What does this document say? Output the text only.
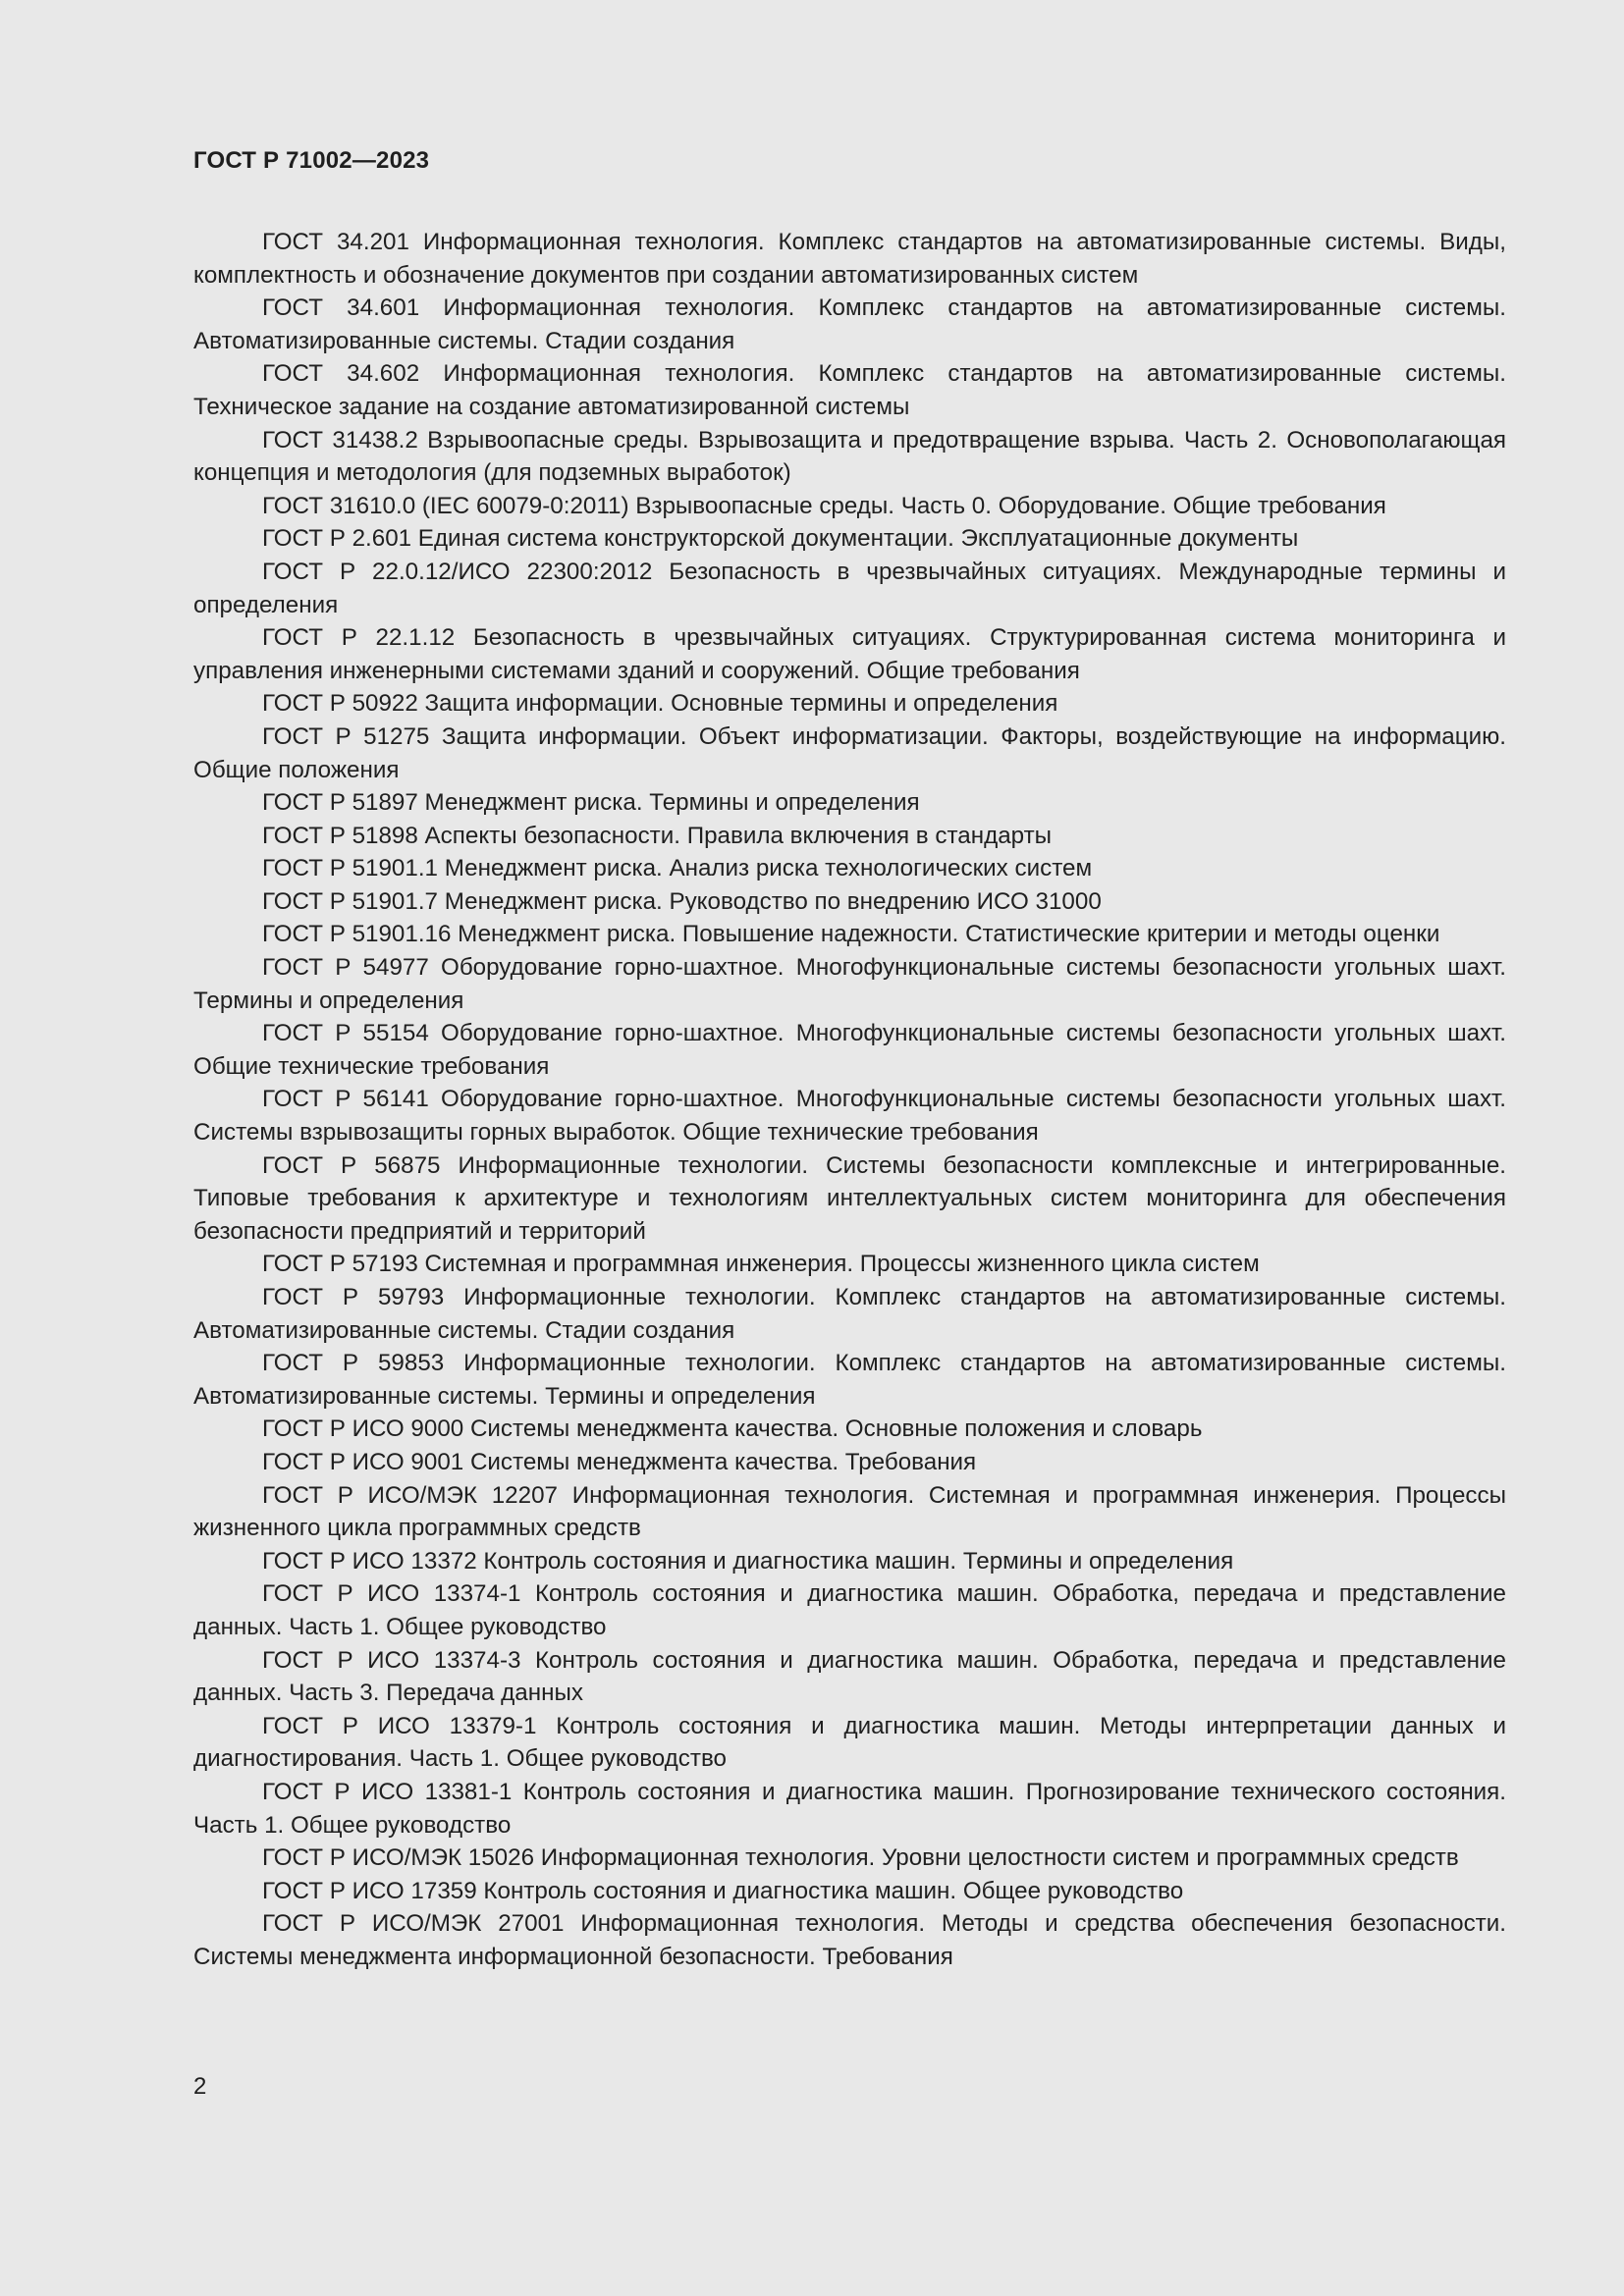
ГОСТ Р 71002—2023

ГОСТ 34.201 Информационная технология. Комплекс стандартов на автоматизированные системы. Виды, комплектность и обозначение документов при создании автоматизированных систем

ГОСТ 34.601 Информационная технология. Комплекс стандартов на автоматизированные системы. Автоматизированные системы. Стадии создания

ГОСТ 34.602 Информационная технология. Комплекс стандартов на автоматизированные системы. Техническое задание на создание автоматизированной системы

ГОСТ 31438.2 Взрывоопасные среды. Взрывозащита и предотвращение взрыва. Часть 2. Основополагающая концепция и методология (для подземных выработок)

ГОСТ 31610.0 (IEC 60079-0:2011) Взрывоопасные среды. Часть 0. Оборудование. Общие требования

ГОСТ Р 2.601 Единая система конструкторской документации. Эксплуатационные документы

ГОСТ Р 22.0.12/ИСО 22300:2012 Безопасность в чрезвычайных ситуациях. Международные термины и определения

ГОСТ Р 22.1.12 Безопасность в чрезвычайных ситуациях. Структурированная система мониторинга и управления инженерными системами зданий и сооружений. Общие требования

ГОСТ Р 50922 Защита информации. Основные термины и определения

ГОСТ Р 51275 Защита информации. Объект информатизации. Факторы, воздействующие на информацию. Общие положения

ГОСТ Р 51897 Менеджмент риска. Термины и определения

ГОСТ Р 51898 Аспекты безопасности. Правила включения в стандарты

ГОСТ Р 51901.1 Менеджмент риска. Анализ риска технологических систем

ГОСТ Р 51901.7 Менеджмент риска. Руководство по внедрению ИСО 31000

ГОСТ Р 51901.16 Менеджмент риска. Повышение надежности. Статистические критерии и методы оценки

ГОСТ Р 54977 Оборудование горно-шахтное. Многофункциональные системы безопасности угольных шахт. Термины и определения

ГОСТ Р 55154 Оборудование горно-шахтное. Многофункциональные системы безопасности угольных шахт. Общие технические требования

ГОСТ Р 56141 Оборудование горно-шахтное. Многофункциональные системы безопасности угольных шахт. Системы взрывозащиты горных выработок. Общие технические требования

ГОСТ Р 56875 Информационные технологии. Системы безопасности комплексные и интегрированные. Типовые требования к архитектуре и технологиям интеллектуальных систем мониторинга для обеспечения безопасности предприятий и территорий

ГОСТ Р 57193 Системная и программная инженерия. Процессы жизненного цикла систем

ГОСТ Р 59793 Информационные технологии. Комплекс стандартов на автоматизированные системы. Автоматизированные системы. Стадии создания

ГОСТ Р 59853 Информационные технологии. Комплекс стандартов на автоматизированные системы. Автоматизированные системы. Термины и определения

ГОСТ Р ИСО 9000 Системы менеджмента качества. Основные положения и словарь

ГОСТ Р ИСО 9001 Системы менеджмента качества. Требования

ГОСТ Р ИСО/МЭК 12207 Информационная технология. Системная и программная инженерия. Процессы жизненного цикла программных средств

ГОСТ Р ИСО 13372 Контроль состояния и диагностика машин. Термины и определения

ГОСТ Р ИСО 13374-1 Контроль состояния и диагностика машин. Обработка, передача и представление данных. Часть 1. Общее руководство

ГОСТ Р ИСО 13374-3 Контроль состояния и диагностика машин. Обработка, передача и представление данных. Часть 3. Передача данных

ГОСТ Р ИСО 13379-1 Контроль состояния и диагностика машин. Методы интерпретации данных и диагностирования. Часть 1. Общее руководство

ГОСТ Р ИСО 13381-1 Контроль состояния и диагностика машин. Прогнозирование технического состояния. Часть 1. Общее руководство

ГОСТ Р ИСО/МЭК 15026 Информационная технология. Уровни целостности систем и программных средств

ГОСТ Р ИСО 17359 Контроль состояния и диагностика машин. Общее руководство

ГОСТ Р ИСО/МЭК 27001 Информационная технология. Методы и средства обеспечения безопасности. Системы менеджмента информационной безопасности. Требования

2
